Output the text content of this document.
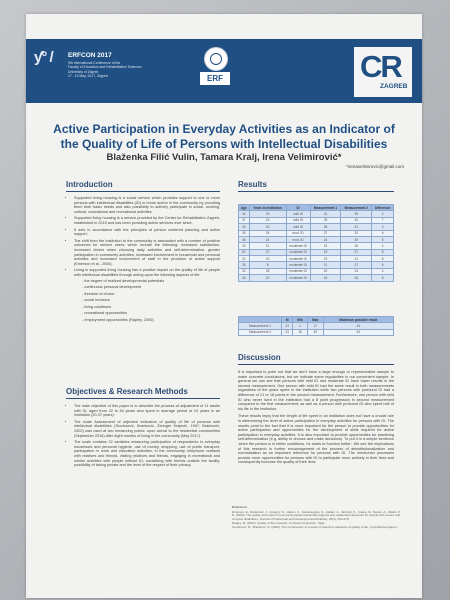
ƴ° /	ERFCON 2017
9th International Conference of the
Faculty of Education and Rehabilitation Sciences
University of Zagreb
17 - 19 May, 2017, Zagreb	ERF	CR
ZAGREB
Active Participation in Everyday Activities as an Indicator of the Quality of Life of Persons with Intellectual Disabilities
Blaženka Filić Vulin, Tamara Kralj, Irena Velimirović*
*irenavelimirovic@gmail.com
Introduction
• Supported living housing is a social service which provides support to one or more persons with intellectual disabilities (ID) in home and/or in the community by providing them their basic needs and also possibility to actively participate in social, working, cultural, educational and recreational activities.
• Supported living housing is a service provided by the Center for Rehabilitation Zagreb, established in 2015 and has been providing active services ever since.
• It acts in accordance with the principles of person centered planning and active support.
• The shift from the institution to the community is associated with a number of positive outcomes for service users, which include the following: increased satisfaction, increased choice when choosing daily activities and self-determination, greater participation in community activities, increased involvement in household and personal activities and increased involvement of staff in the provision of active support (Emerson et al., 2000).
• Living in supported living housing has a positive impact on the quality of life of people with intellectual disabilities through acting upon the following aspects of life:
- the degree of realized developmental potentials
- continuous personal development
- freedom of choice
- social inclusion
- living conditions
- recreational opportunities
- employment opportunities (Rapley, 2000).
Objectives & Research Methods
• The main objective of this paper is to describe the process of adjustment of 11 adults with ID, aged from 22 to 54 years who spent in average period of 24 years in an institution (20-37 years).
• The scale Assessment of objective indicators of quality of life of persons with intellectual disabilities (Teodorović, Branković, Žeringer Krajević, 1997; Branković, 2002) was used at two measuring points: upon arrival to the residential communities (September 2016) after eight months of living in the community (May 2017).
• The scale contains 22 variables measuring participation of respondents in everyday housework and personal hygiene, use of money, shopping, use of public transport, participation in work and education activities, in the community, telephone contacts with relatives and friends, visiting relatives and friends, engaging in recreational and similar activities with people without ID, socializing with friends outside the facility, possibility of taking private and the level of the respect of their privacy.
Results
Age	Years in institution	ID	Measurement 1	Measurement 2	Difference
44	29	mild ID	31	35	4
37	23	mild ID	25	32	7
40	30	mild ID	28	31	3
35	28	mod. ID	27	33	6
45	24	mod. ID	24	29	5
30	21	moderate ID	22	26	4
52	37	moderate ID	19	27	8
22	20	moderate ID	23	31	8
35	8	moderate ID	21	27	6
32	28	moderate ID	20	24	4
26	20	moderate ID	18	26	8
	M	Min	Max	Maximum possible result
Measurement 1	23	1	17	44
Measurement 2	24	18	35	44
Discussion

It is important to point out that we don't have a large enough or representative sample to make concrete conclusions, but we indicate some regularities in our convenient sample. In general we can see that persons with mild ID and moderate ID have lower results in the second measurement. One person with mild ID had the same result in both measurements regardless of the years spent in the institution while two persons with profound ID had a difference of 21 or 18 points in the second measurement. Furthermore, one person with mild ID who never lived in the institution had a 8 point progression in second measurement compared to the first measurement, as well as a person with profound ID who spent half of his life in the institution.

These results imply that the length of life spent in an institution does not have a crucial role in determining the level of active participation in everyday activities for persons with ID. The results point to the fact that it is more important for the person to provide opportunities for active participation and opportunities for the development of skills required for active participation in everyday activities. It is also important to provide opportunities for practicing self-determination (e.g. ability to choose and make decisions). To put it in a simple sentence 'when the person is in better conditions, he starts to function better'. We see the implications of this research in further encouragement of the process of deinstitutionalization and normalization as an important reference for persons with ID. The mentioned processes provide more opportunities for persons with ID to participate more actively in their lives and consequently increase the quality of their lives.

Reference:
Emerson, E., Robertson, J., Gregory, N., Hatton, C., Kessissoglou, S., Hallam, A., Järbrink, K., Knapp, M., Netten, A., Walsh, P. N. (2000). The quality and costs of community-based residential supports and residential campuses for people with severe and complex disabilities. Journal of Intellectual and Developmental Disability, 25(4), 263-279.
Rapley, M. (2003). Quality of life research: A critical introduction. Sage.
Teodorović, B., Branković, D. (2002). The construction of a scale of objective indicators of quality of life. (Unpublished paper).
